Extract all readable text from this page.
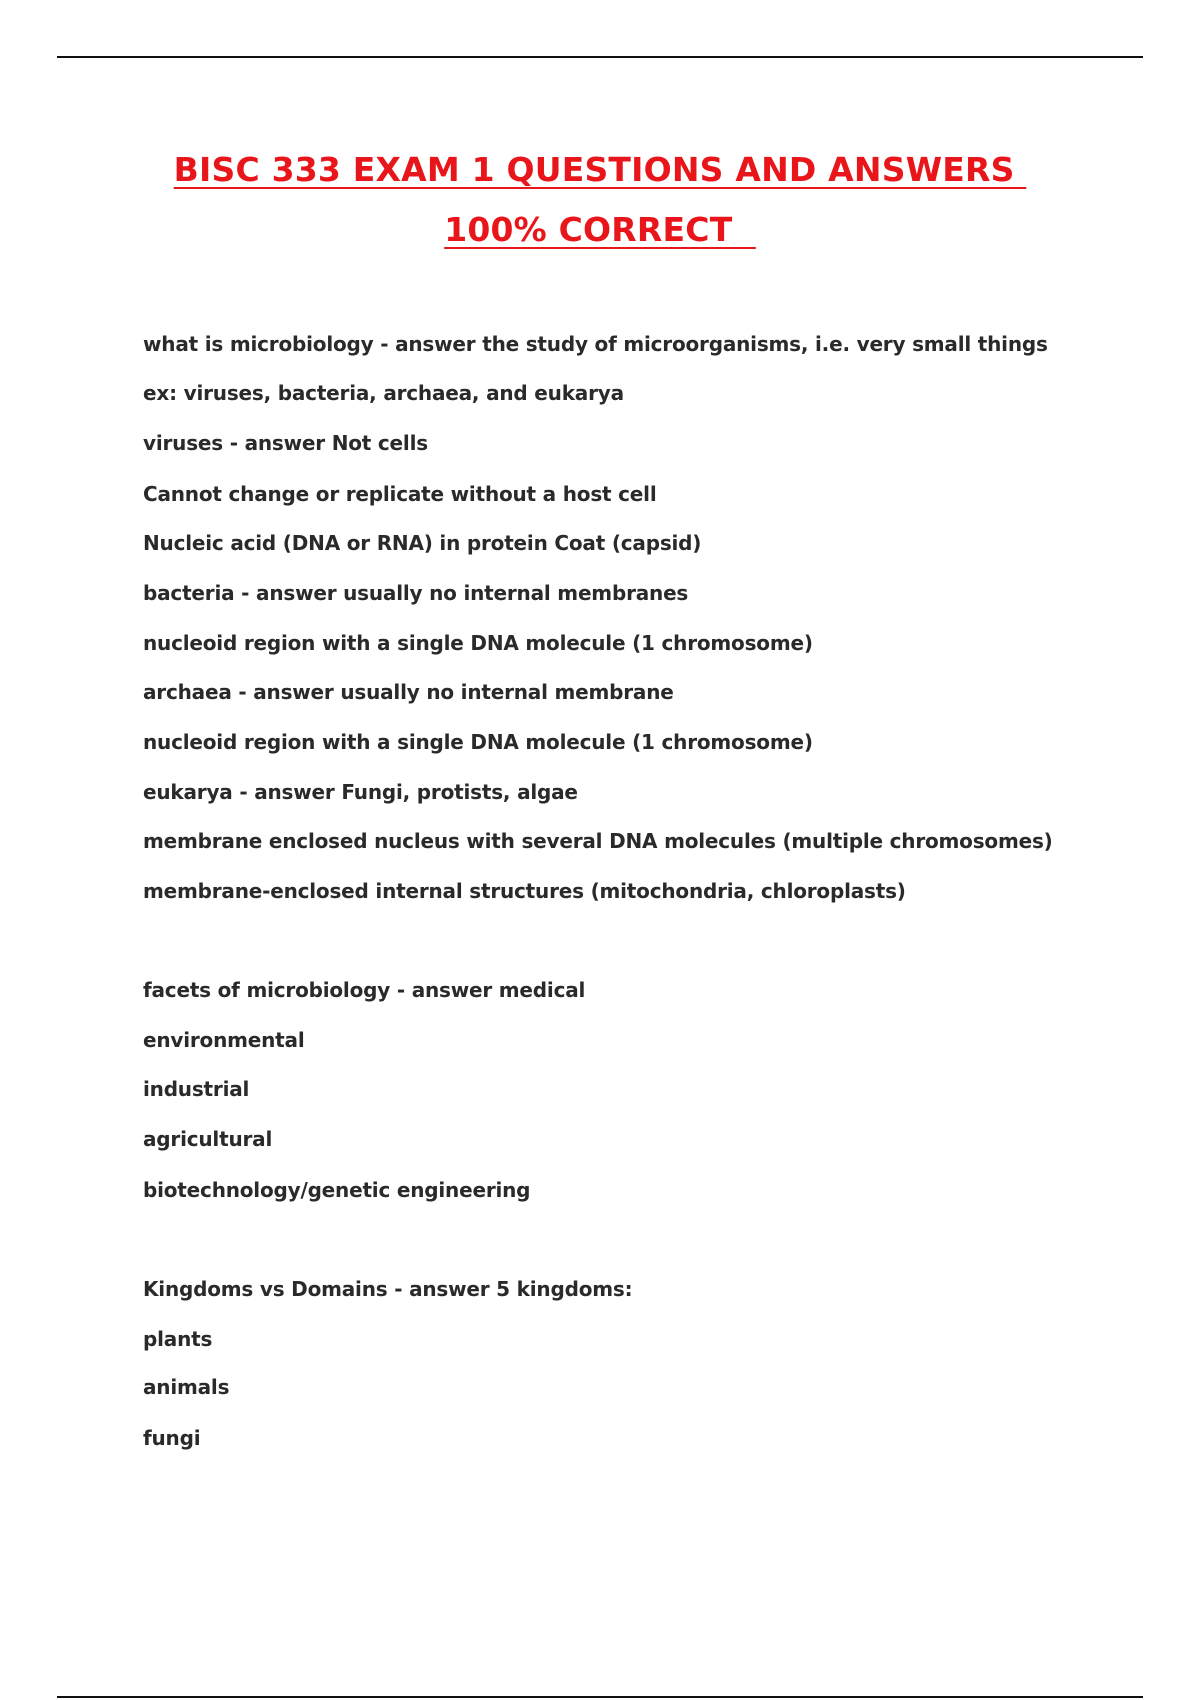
BISC 333 EXAM 1 QUESTIONS AND ANSWERS
100% CORRECT
what is microbiology - answer the study of microorganisms, i.e. very small things
ex: viruses, bacteria, archaea, and eukarya
viruses - answer Not cells
Cannot change or replicate without a host cell
Nucleic acid (DNA or RNA) in protein Coat (capsid)
bacteria - answer usually no internal membranes
nucleoid region with a single DNA molecule (1 chromosome)
archaea - answer usually no internal membrane
nucleoid region with a single DNA molecule (1 chromosome)
eukarya - answer Fungi, protists, algae
membrane enclosed nucleus with several DNA molecules (multiple chromosomes)
membrane-enclosed internal structures (mitochondria, chloroplasts)
facets of microbiology - answer medical
environmental
industrial
agricultural
biotechnology/genetic engineering
Kingdoms vs Domains - answer 5 kingdoms:
plants
animals
fungi
